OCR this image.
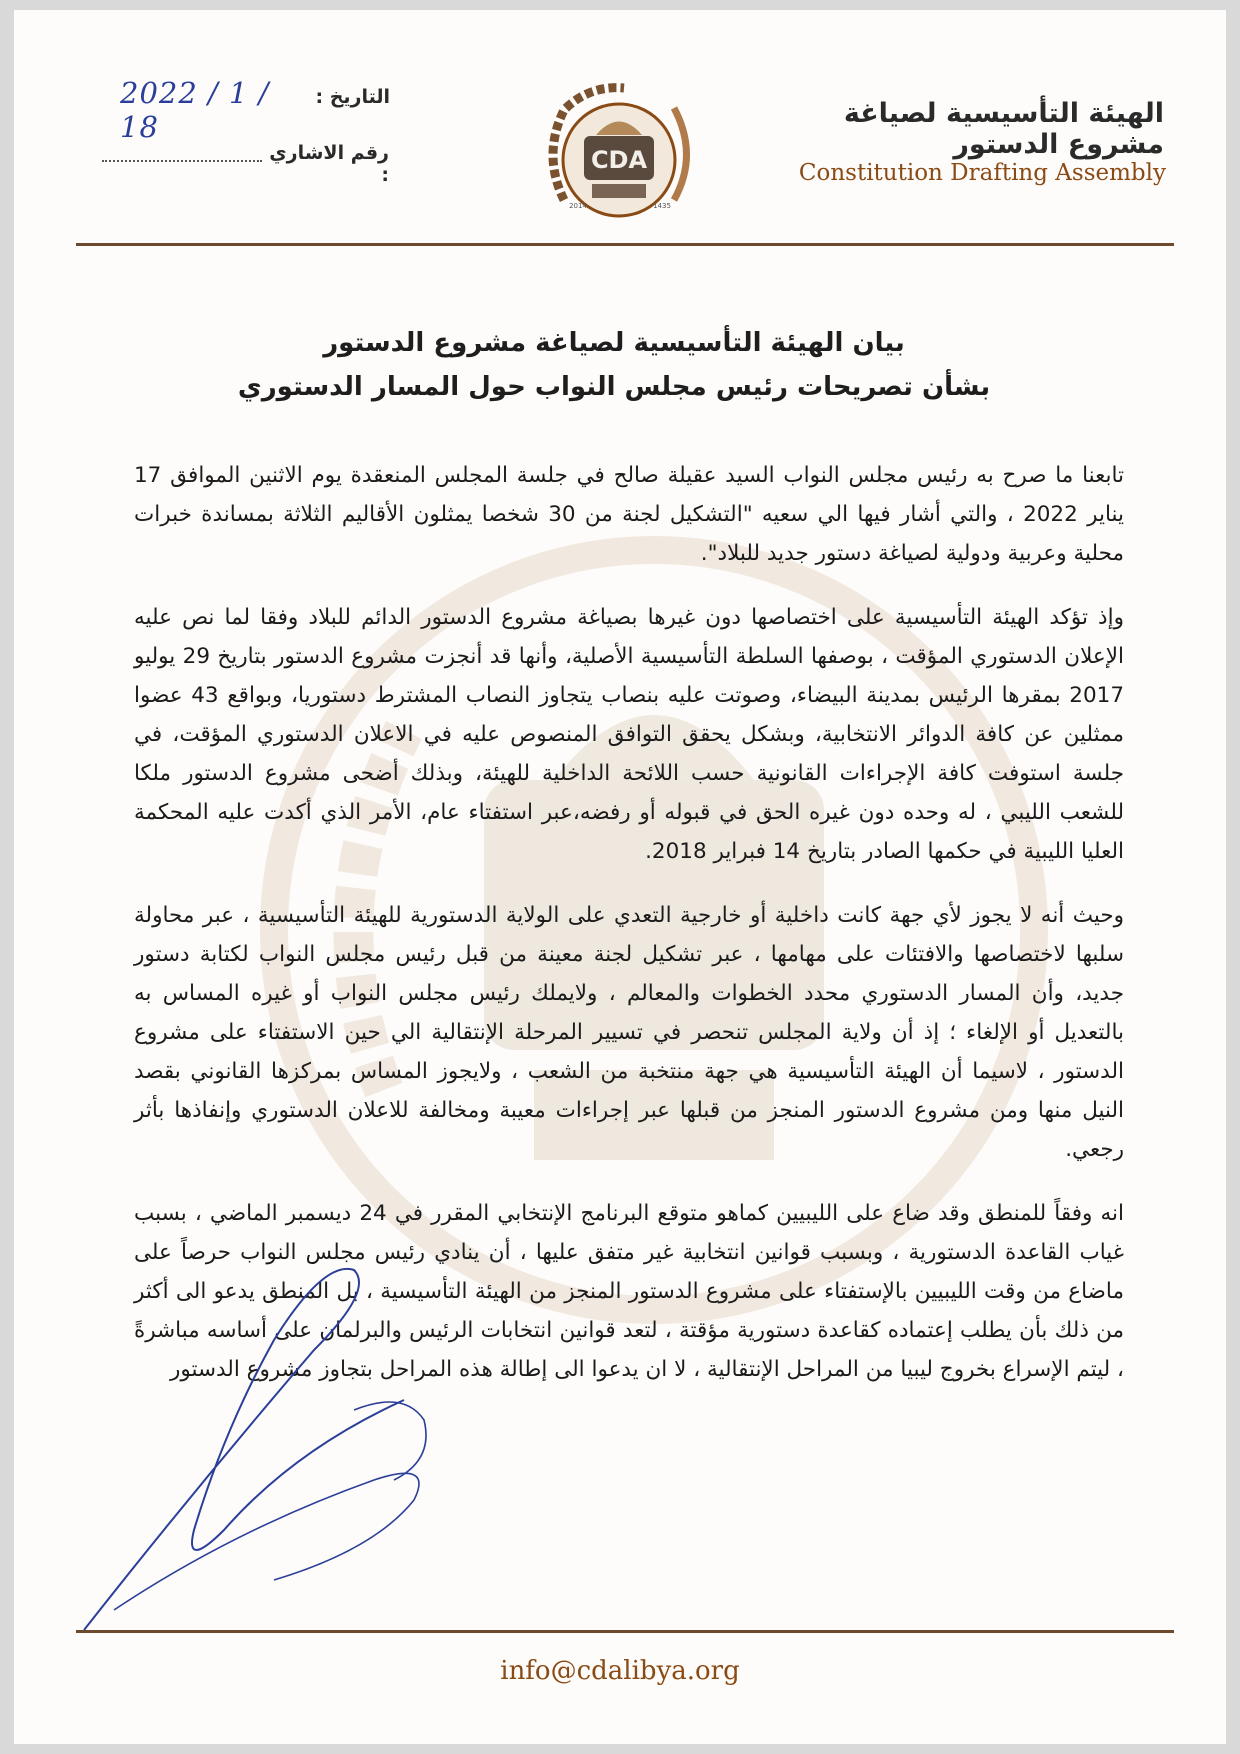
الهيئة التأسيسية لصياغة مشروع الدستور
Constitution Drafting Assembly
التاريخ :
2022 / 1 / 18
رقم الاشاري :
CDA
2014	1435
بيان الهيئة التأسيسية لصياغة مشروع الدستور
بشأن تصريحات رئيس مجلس النواب حول المسار الدستوري

تابعنا ما صرح به رئيس مجلس النواب السيد عقيلة صالح في جلسة المجلس المنعقدة يوم الاثنين الموافق 17 يناير 2022 ، والتي أشار فيها الي سعيه "التشكيل لجنة من 30 شخصا يمثلون الأقاليم الثلاثة بمساندة خبرات محلية وعربية ودولية لصياغة دستور جديد للبلاد".

وإذ تؤكد الهيئة التأسيسية على اختصاصها دون غيرها بصياغة مشروع الدستور الدائم للبلاد وفقا لما نص عليه الإعلان الدستوري المؤقت ، بوصفها السلطة التأسيسية الأصلية، وأنها قد أنجزت مشروع الدستور بتاريخ 29 يوليو 2017 بمقرها الرئيس بمدينة البيضاء، وصوتت عليه بنصاب يتجاوز النصاب المشترط دستوريا، وبواقع 43 عضوا ممثلين عن كافة الدوائر الانتخابية، وبشكل يحقق التوافق المنصوص عليه في الاعلان الدستوري المؤقت، في جلسة استوفت كافة الإجراءات القانونية حسب اللائحة الداخلية للهيئة، وبذلك أضحى مشروع الدستور ملكا للشعب الليبي ، له وحده دون غيره الحق في قبوله أو رفضه،عبر استفتاء عام، الأمر الذي أكدت عليه المحكمة العليا الليبية في حكمها الصادر بتاريخ 14 فبراير 2018.

وحيث أنه لا يجوز لأي جهة كانت داخلية أو خارجية التعدي على الولاية الدستورية للهيئة التأسيسية ، عبر محاولة سلبها لاختصاصها والافتئات على مهامها ، عبر تشكيل لجنة معينة من قبل رئيس مجلس النواب لكتابة دستور جديد، وأن المسار الدستوري محدد الخطوات والمعالم ، ولايملك رئيس مجلس النواب أو غيره المساس به بالتعديل أو الإلغاء ؛ إذ أن ولاية المجلس تنحصر في تسيير المرحلة الإنتقالية الي حين الاستفتاء على مشروع الدستور ، لاسيما أن الهيئة التأسيسية هي جهة منتخبة من الشعب ، ولايجوز المساس بمركزها القانوني بقصد النيل منها ومن مشروع الدستور المنجز من قبلها عبر إجراءات معيبة ومخالفة للاعلان الدستوري وإنفاذها بأثر رجعي.

انه وفقاً للمنطق وقد ضاع على الليبيين كماهو متوقع البرنامج الإنتخابي المقرر في 24 ديسمبر الماضي ، بسبب غياب القاعدة الدستورية ، وبسبب قوانين انتخابية غير متفق عليها ، أن ينادي رئيس مجلس النواب حرصاً على ماضاع من وقت الليبيين بالإستفتاء على مشروع الدستور المنجز من الهيئة التأسيسية ، بل المنطق يدعو الى أكثر من ذلك بأن يطلب إعتماده كقاعدة دستورية مؤقتة ، لتعد قوانين انتخابات الرئيس والبرلمان على أساسه مباشرةً ، ليتم الإسراع بخروج ليبيا من المراحل الإنتقالية ، لا ان يدعوا الى إطالة هذه المراحل بتجاوز مشروع الدستور

info@cdalibya.org
